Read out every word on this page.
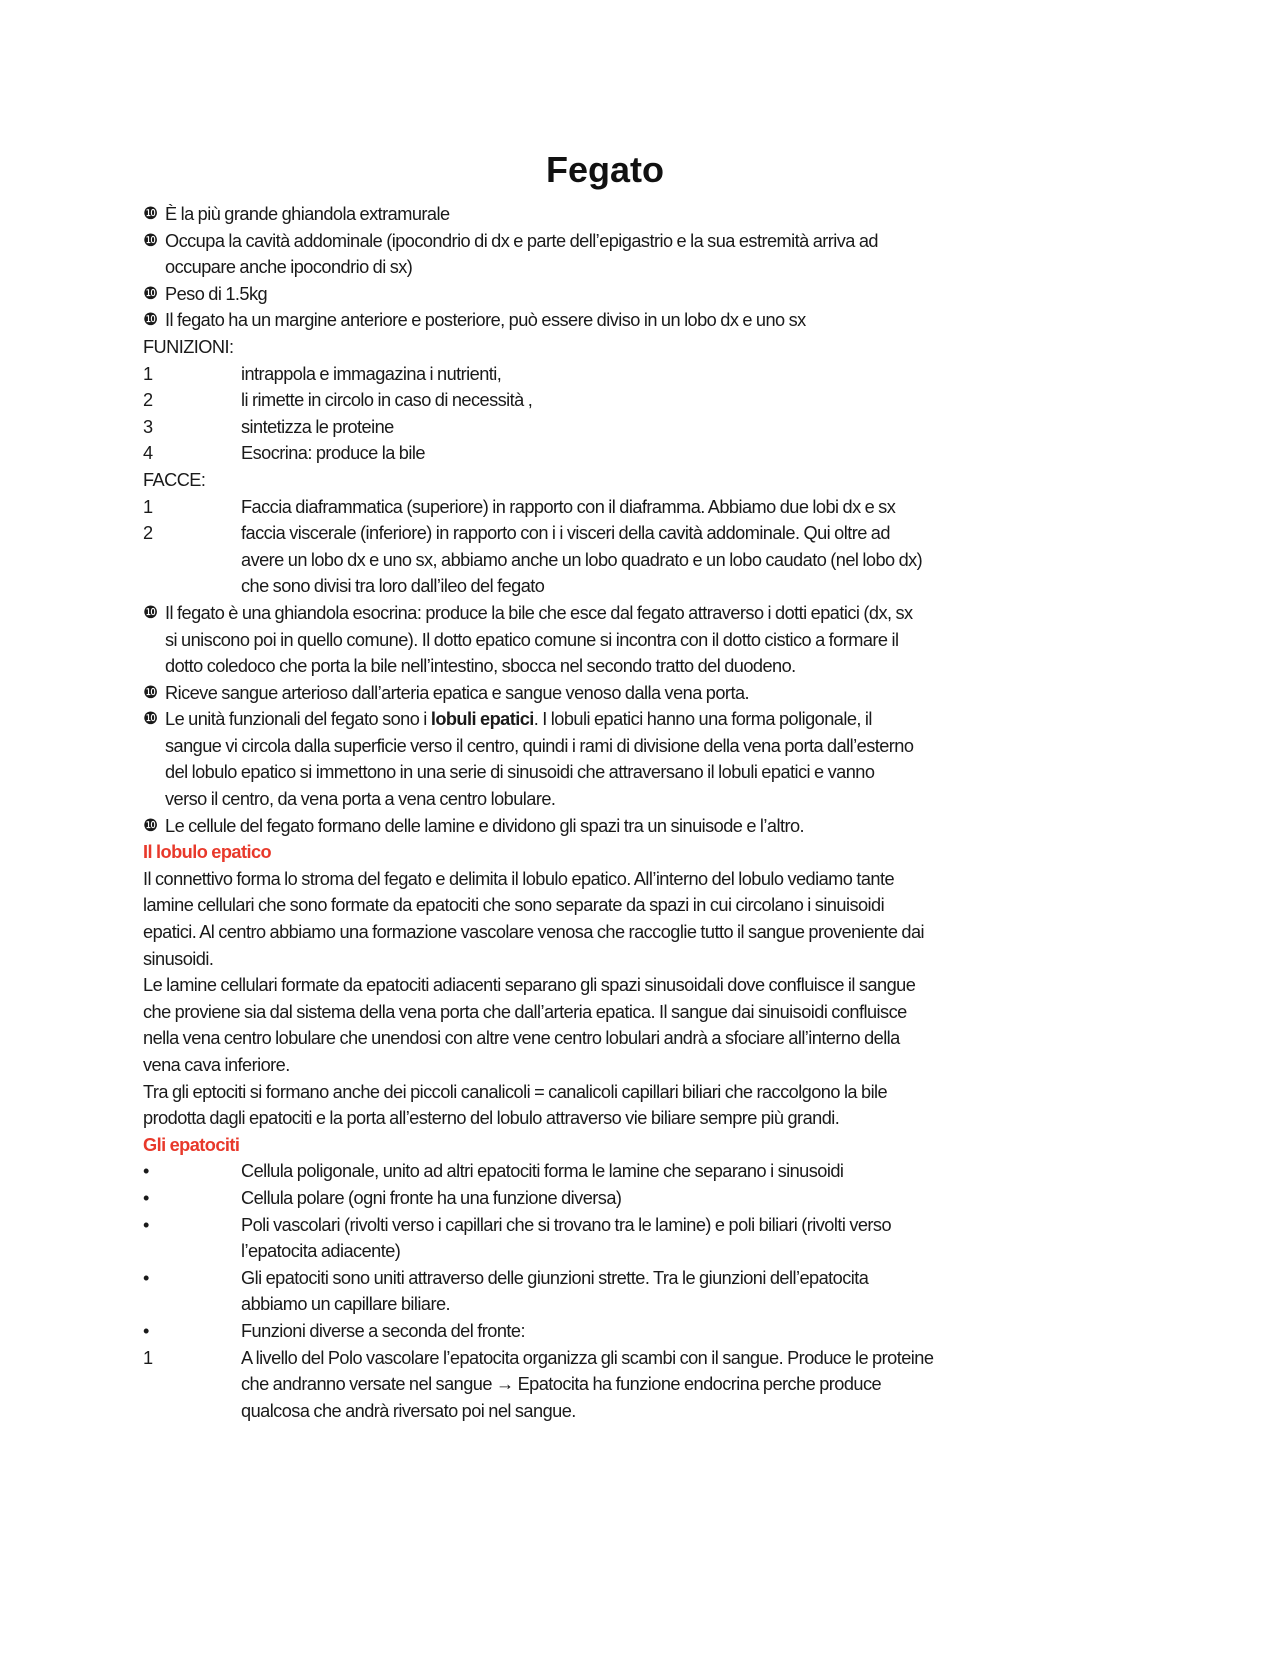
Fegato
❿ È la più grande ghiandola extramurale
❿ Occupa la cavità addominale (ipocondrio di dx e parte dell’epigastrio e la sua estremità arriva ad
occupare anche ipocondrio di sx)
❿ Peso di 1.5kg
❿ Il fegato ha un margine anteriore e posteriore, può essere diviso in un lobo dx e uno sx
FUNIZIONI:
1	intrappola e immagazina i nutrienti,
2	li rimette in circolo in caso di necessità ,
3	sintetizza le proteine
4	Esocrina: produce la bile
FACCE:
1	Faccia diaframmatica (superiore) in rapporto con il diaframma. Abbiamo due lobi dx e sx
2	faccia viscerale (inferiore) in rapporto con i i visceri della cavità addominale. Qui oltre ad
avere un lobo dx e uno sx, abbiamo anche un lobo quadrato e un lobo caudato (nel lobo dx)
che sono divisi tra loro dall’ileo del fegato
❿ Il fegato è una ghiandola esocrina: produce la bile che esce dal fegato attraverso i dotti epatici (dx, sx
si uniscono poi in quello comune). Il dotto epatico comune si incontra con il dotto cistico a formare il
dotto coledoco che porta la bile nell’intestino, sbocca nel secondo tratto del duodeno.
❿ Riceve sangue arterioso dall’arteria epatica e sangue venoso dalla vena porta.
❿ Le unità funzionali del fegato sono i lobuli epatici. I lobuli epatici hanno una forma poligonale, il
sangue vi circola dalla superficie verso il centro, quindi i rami di divisione della vena porta dall’esterno
del lobulo epatico si immettono in una serie di sinusoidi che attraversano il lobuli epatici e vanno
verso il centro, da vena porta a vena centro lobulare.
❿ Le cellule del fegato formano delle lamine e dividono gli spazi tra un sinuisode e l’altro.
Il lobulo epatico
Il connettivo forma lo stroma del fegato e delimita il lobulo epatico. All’interno del lobulo vediamo tante
lamine cellulari che sono formate da epatociti che sono separate da spazi in cui circolano i sinuisoidi
epatici. Al centro abbiamo una formazione vascolare venosa che raccoglie tutto il sangue proveniente dai
sinusoidi.
Le lamine cellulari formate da epatociti adiacenti separano gli spazi sinusoidali dove confluisce il sangue
che proviene sia dal sistema della vena porta che dall’arteria epatica. Il sangue dai sinuisoidi confluisce
nella vena centro lobulare che unendosi con altre vene centro lobulari andrà a sfociare all’interno della
vena cava inferiore.
Tra gli eptociti si formano anche dei piccoli canalicoli = canalicoli capillari biliari che raccolgono la bile
prodotta dagli epatociti e la porta all’esterno del lobulo attraverso vie biliare sempre più grandi.
Gli epatociti
•	Cellula poligonale, unito ad altri epatociti forma le lamine che separano i sinusoidi
•	Cellula polare (ogni fronte ha una funzione diversa)
•	Poli vascolari (rivolti verso i capillari che si trovano tra le lamine) e poli biliari (rivolti verso
l’epatocita adiacente)
•	Gli epatociti sono uniti attraverso delle giunzioni strette. Tra le giunzioni dell’epatocita
abbiamo un capillare biliare.
•	Funzioni diverse a seconda del fronte:
1	A livello del Polo vascolare l’epatocita organizza gli scambi con il sangue. Produce le proteine
che andranno versate nel sangue → Epatocita ha funzione endocrina perche produce
qualcosa che andrà riversato poi nel sangue.
